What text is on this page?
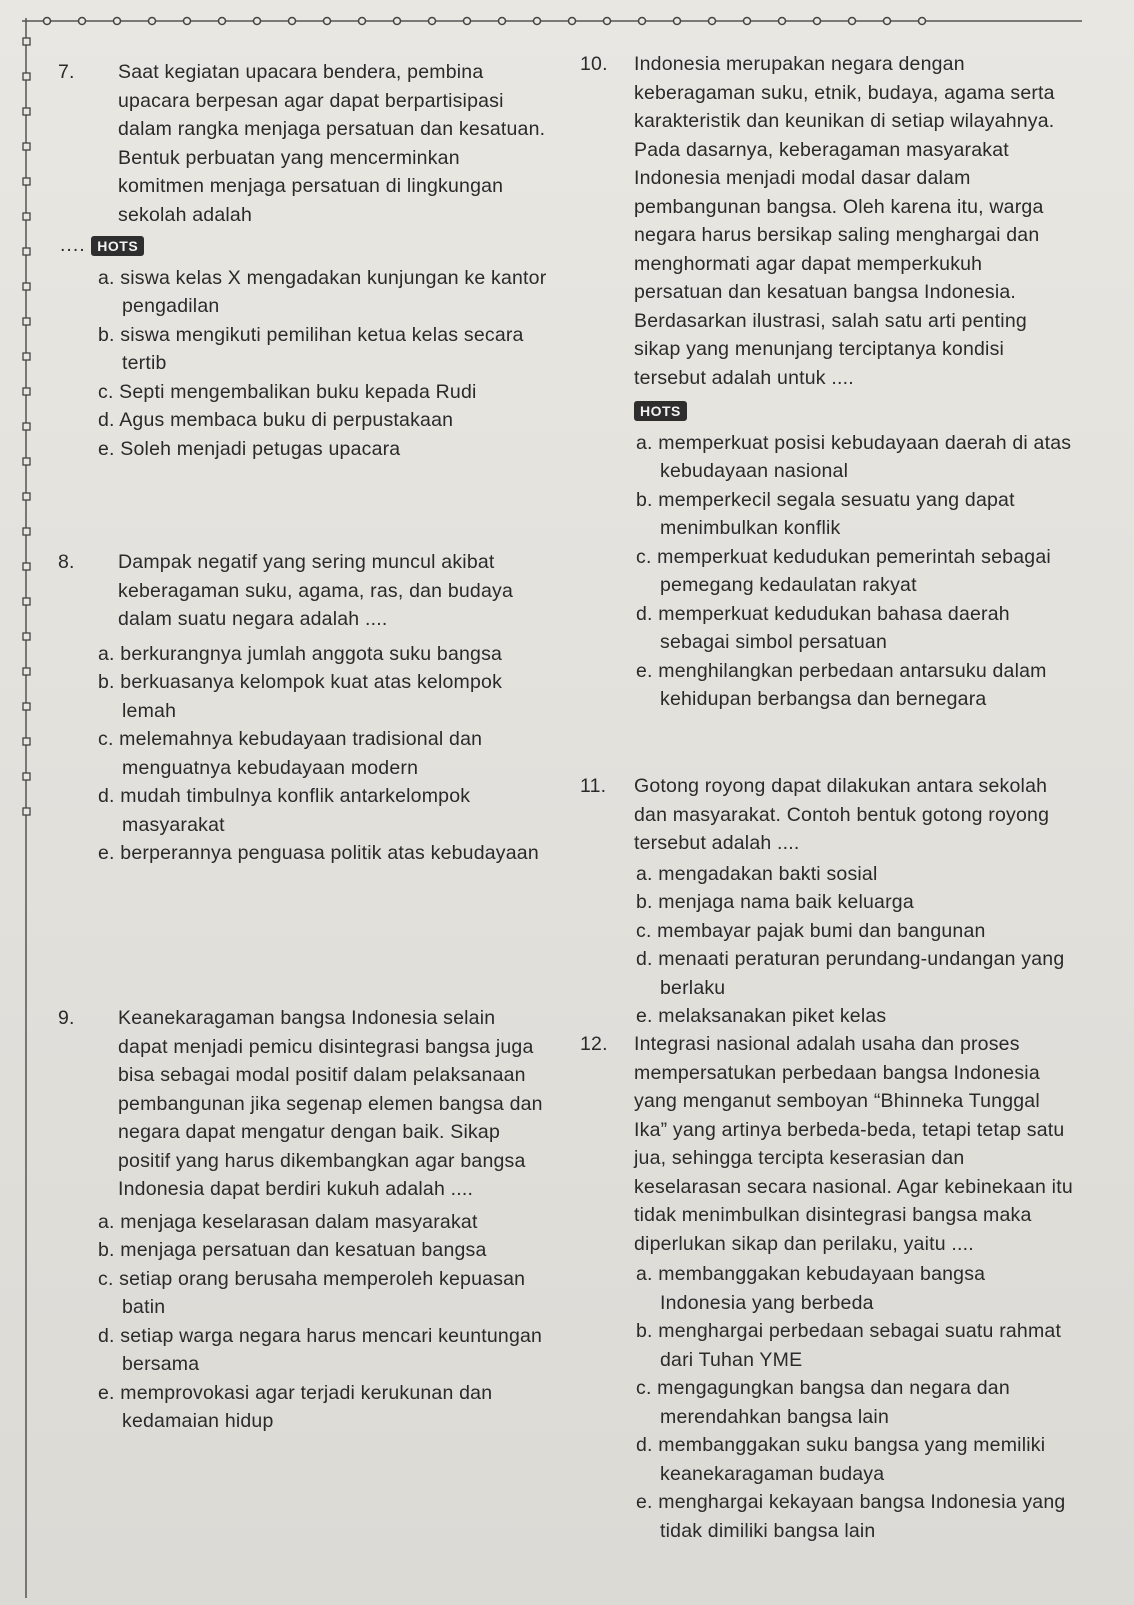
7. Saat kegiatan upacara bendera, pembina upacara berpesan agar dapat berpartisipasi dalam rangka menjaga persatuan dan kesatuan. Bentuk perbuatan yang mencerminkan komitmen menjaga persatuan di lingkungan sekolah adalah
.... HOTS
a. siswa kelas X mengadakan kunjungan ke kantor pengadilan
b. siswa mengikuti pemilihan ketua kelas secara tertib
c. Septi mengembalikan buku kepada Rudi
d. Agus membaca buku di perpustakaan
e. Soleh menjadi petugas upacara
8. Dampak negatif yang sering muncul akibat keberagaman suku, agama, ras, dan budaya dalam suatu negara adalah ....
a. berkurangnya jumlah anggota suku bangsa
b. berkuasanya kelompok kuat atas kelompok lemah
c. melemahnya kebudayaan tradisional dan menguatnya kebudayaan modern
d. mudah timbulnya konflik antarkelompok masyarakat
e. berperannya penguasa politik atas kebudayaan
9. Keanekaragaman bangsa Indonesia selain dapat menjadi pemicu disintegrasi bangsa juga bisa sebagai modal positif dalam pelaksanaan pembangunan jika segenap elemen bangsa dan negara dapat mengatur dengan baik. Sikap positif yang harus dikembangkan agar bangsa Indonesia dapat berdiri kukuh adalah ....
a. menjaga keselarasan dalam masyarakat
b. menjaga persatuan dan kesatuan bangsa
c. setiap orang berusaha memperoleh kepuasan batin
d. setiap warga negara harus mencari keuntungan bersama
e. memprovokasi agar terjadi kerukunan dan kedamaian hidup
10. Indonesia merupakan negara dengan keberagaman suku, etnik, budaya, agama serta karakteristik dan keunikan di setiap wilayahnya. Pada dasarnya, keberagaman masyarakat Indonesia menjadi modal dasar dalam pembangunan bangsa. Oleh karena itu, warga negara harus bersikap saling menghargai dan menghormati agar dapat memperkukuh persatuan dan kesatuan bangsa Indonesia. Berdasarkan ilustrasi, salah satu arti penting sikap yang menunjang terciptanya kondisi tersebut adalah untuk ....
HOTS
a. memperkuat posisi kebudayaan daerah di atas kebudayaan nasional
b. memperkecil segala sesuatu yang dapat menimbulkan konflik
c. memperkuat kedudukan pemerintah sebagai pemegang kedaulatan rakyat
d. memperkuat kedudukan bahasa daerah sebagai simbol persatuan
e. menghilangkan perbedaan antarsuku dalam kehidupan berbangsa dan bernegara
11. Gotong royong dapat dilakukan antara sekolah dan masyarakat. Contoh bentuk gotong royong tersebut adalah ....
a. mengadakan bakti sosial
b. menjaga nama baik keluarga
c. membayar pajak bumi dan bangunan
d. menaati peraturan perundang-undangan yang berlaku
e. melaksanakan piket kelas
12. Integrasi nasional adalah usaha dan proses mempersatukan perbedaan bangsa Indonesia yang menganut semboyan “Bhinneka Tunggal Ika” yang artinya berbeda-beda, tetapi tetap satu jua, sehingga tercipta keserasian dan keselarasan secara nasional. Agar kebinekaan itu tidak menimbulkan disintegrasi bangsa maka diperlukan sikap dan perilaku, yaitu ....
a. membanggakan kebudayaan bangsa Indonesia yang berbeda
b. menghargai perbedaan sebagai suatu rahmat dari Tuhan YME
c. mengagungkan bangsa dan negara dan merendahkan bangsa lain
d. membanggakan suku bangsa yang memiliki keanekaragaman budaya
e. menghargai kekayaan bangsa Indonesia yang tidak dimiliki bangsa lain
